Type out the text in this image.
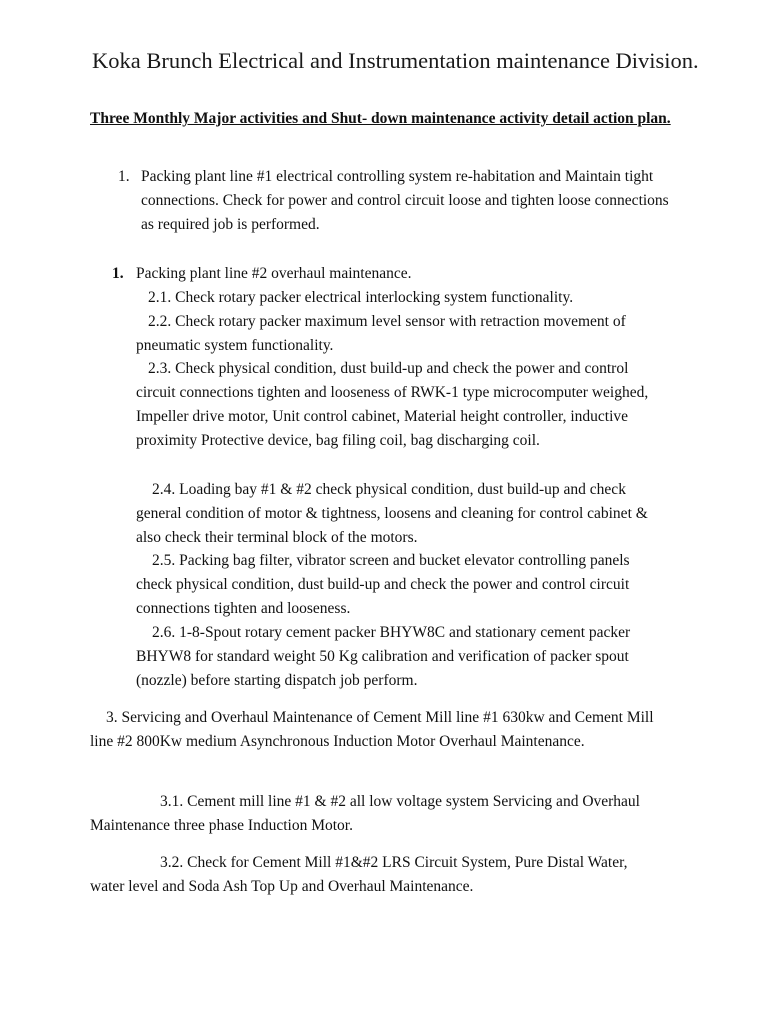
Koka Brunch Electrical and Instrumentation maintenance Division.
Three Monthly Major activities and Shut- down maintenance activity detail action plan.
1. Packing plant line #1 electrical controlling system re-habitation and Maintain tight connections. Check for power and control circuit loose and tighten loose connections as required job is performed.
1. Packing plant line #2 overhaul maintenance.
2.1. Check rotary packer electrical interlocking system functionality.
2.2. Check rotary packer maximum level sensor with retraction movement of pneumatic system functionality.
2.3. Check physical condition, dust build-up and check the power and control circuit connections tighten and looseness of RWK-1 type microcomputer weighed, Impeller drive motor, Unit control cabinet, Material height controller, inductive proximity Protective device, bag filing coil, bag discharging coil.
2.4. Loading bay #1 & #2 check physical condition, dust build-up and check general condition of motor & tightness, loosens and cleaning for control cabinet & also check their terminal block of the motors.
2.5. Packing bag filter, vibrator screen and bucket elevator controlling panels check physical condition, dust build-up and check the power and control circuit connections tighten and looseness.
2.6. 1-8-Spout rotary cement packer BHYW8C and stationary cement packer BHYW8 for standard weight 50 Kg calibration and verification of packer spout (nozzle) before starting dispatch job perform.
3. Servicing and Overhaul Maintenance of Cement Mill line #1 630kw and Cement Mill line #2 800Kw medium Asynchronous Induction Motor Overhaul Maintenance.
3.1. Cement mill line #1 & #2 all low voltage system Servicing and Overhaul Maintenance three phase Induction Motor.
3.2. Check for Cement Mill #1&#2 LRS Circuit System, Pure Distal Water, water level and Soda Ash Top Up and Overhaul Maintenance.
